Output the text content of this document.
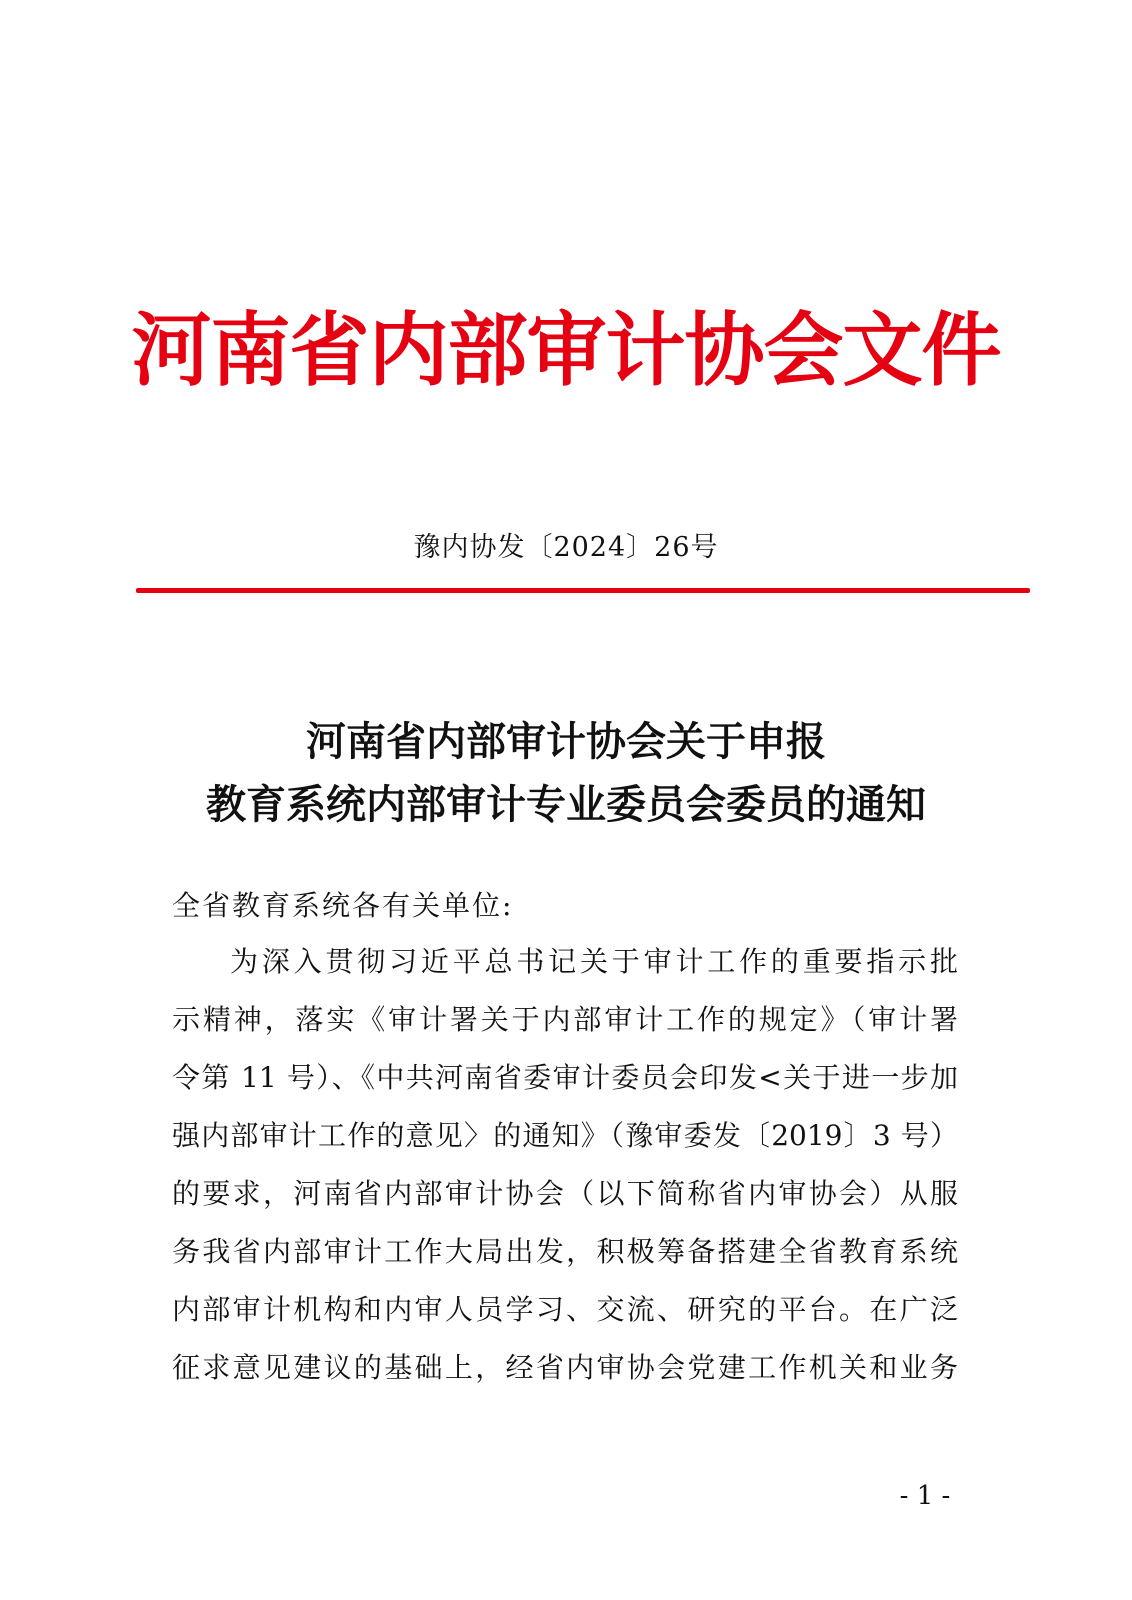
河南省内部审计协会文件
豫内协发〔2024〕26号
河南省内部审计协会关于申报
教育系统内部审计专业委员会委员的通知
全省教育系统各有关单位:
为深入贯彻习近平总书记关于审计工作的重要指示批
示精神，落实《审计署关于内部审计工作的规定》（审计署
令第 11 号）、《中共河南省委审计委员会印发<关于进一步加
强内部审计工作的意见〉的通知》（豫审委发〔2019〕3 号）
的要求，河南省内部审计协会（以下简称省内审协会）从服
务我省内部审计工作大局出发，积极筹备搭建全省教育系统
内部审计机构和内审人员学习、交流、研究的平台。在广泛
征求意见建议的基础上，经省内审协会党建工作机关和业务
- 1 -
